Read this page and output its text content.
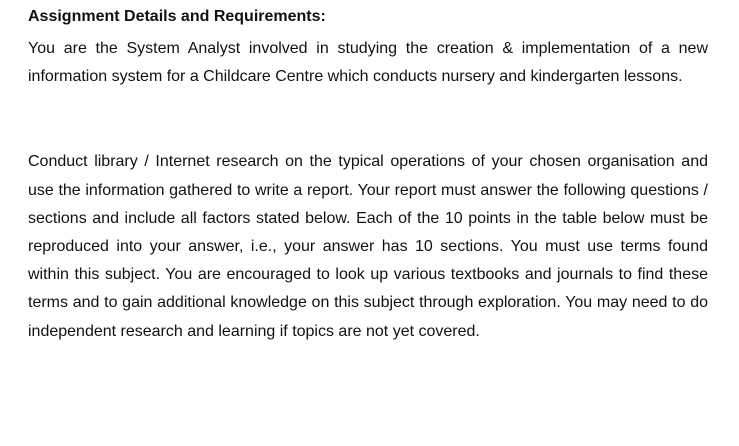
Assignment Details and Requirements:

You are the System Analyst involved in studying the creation & implementation of a new information system for a Childcare Centre which conducts nursery and kindergarten lessons.

Conduct library / Internet research on the typical operations of your chosen organisation and use the information gathered to write a report. Your report must answer the following questions / sections and include all factors stated below. Each of the 10 points in the table below must be reproduced into your answer, i.e., your answer has 10 sections. You must use terms found within this subject. You are encouraged to look up various textbooks and journals to find these terms and to gain additional knowledge on this subject through exploration. You may need to do independent research and learning if topics are not yet covered.
